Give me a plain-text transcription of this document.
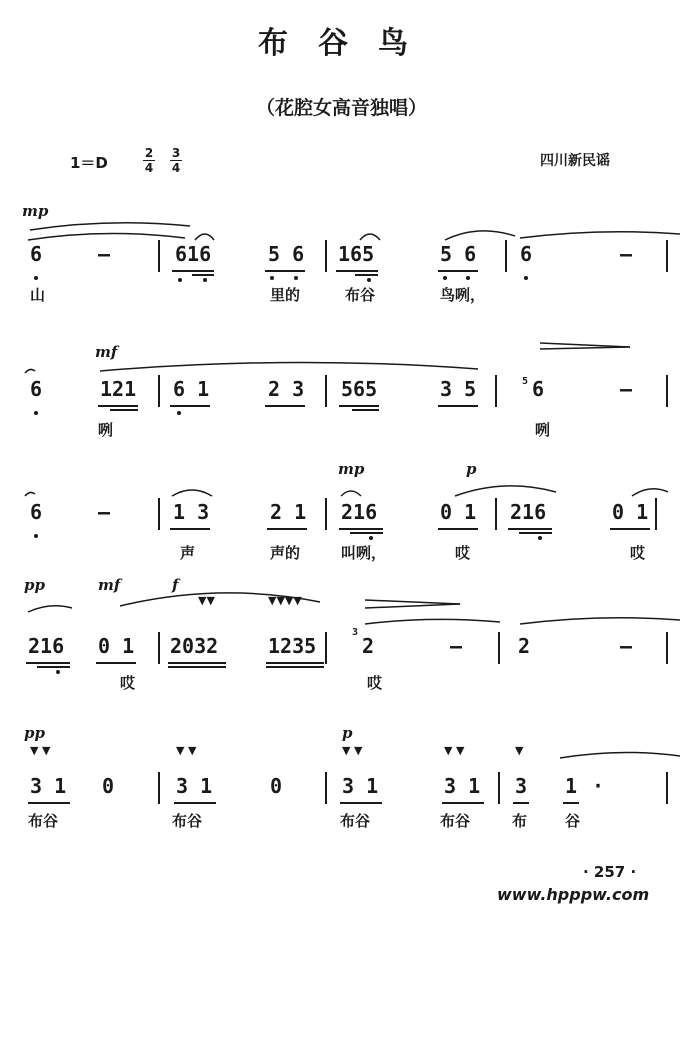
布谷鸟
（花腔女高音独唱）
1＝D
2
4
3
4	四川新民谣
mp

6

	—

	616

	5 6

165

	5 6

6

	—

山

	里的

	布谷

	鸟咧，

mf

6

	121

6 1

	2 3

565

	3 5

	5

6

	—

咧

	咧

mp	p

6

	—

	1 3

	2 1

216

	0 1

216

	0 1

声

	声的

	叫咧，

	哎

	哎

pp	mf	f
▼▼	▼▼▼▼

216

0 1

2032

1235

3

2

	—

	2

	—

哎

	哎

pp	p
▼ ▼	▼ ▼	▼ ▼	▼ ▼	▼

3 1

0

	3 1

	0

	3 1

	3 1

3

1

·

布谷

	布谷

	布谷

	布谷

	布

	谷

· 257 ·
www.hpppw.com
